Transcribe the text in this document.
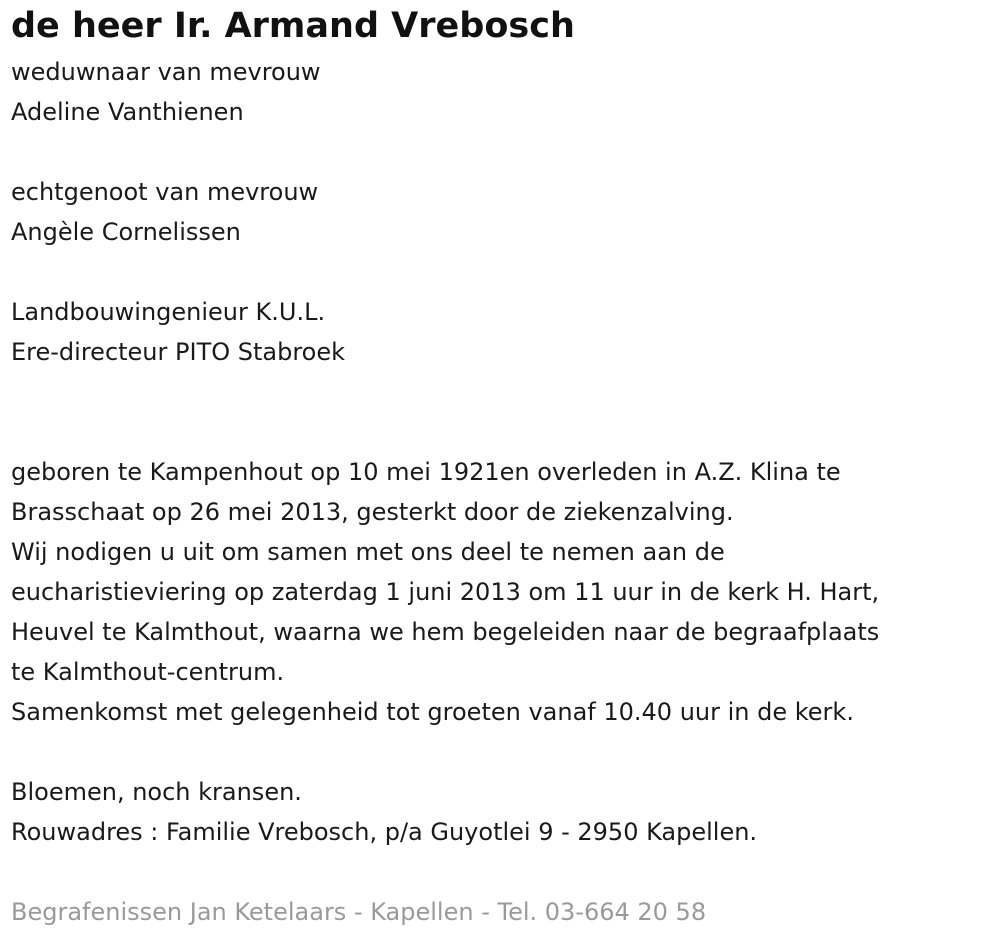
de heer Ir. Armand Vrebosch
weduwnaar van mevrouw
Adeline Vanthienen
echtgenoot van mevrouw
Angèle Cornelissen
Landbouwingenieur K.U.L.
Ere-directeur PITO Stabroek
geboren te Kampenhout op 10 mei 1921en overleden in A.Z. Klina te
Brasschaat op 26 mei 2013, gesterkt door de ziekenzalving.
Wij nodigen u uit om samen met ons deel te nemen aan de
eucharistieviering op zaterdag 1 juni 2013 om 11 uur in de kerk H. Hart,
Heuvel te Kalmthout, waarna we hem begeleiden naar de begraafplaats
te Kalmthout-centrum.
Samenkomst met gelegenheid tot groeten vanaf 10.40 uur in de kerk.
Bloemen, noch kransen.
Rouwadres : Familie Vrebosch, p/a Guyotlei 9 - 2950 Kapellen.
Begrafenissen Jan Ketelaars - Kapellen - Tel. 03-664 20 58
